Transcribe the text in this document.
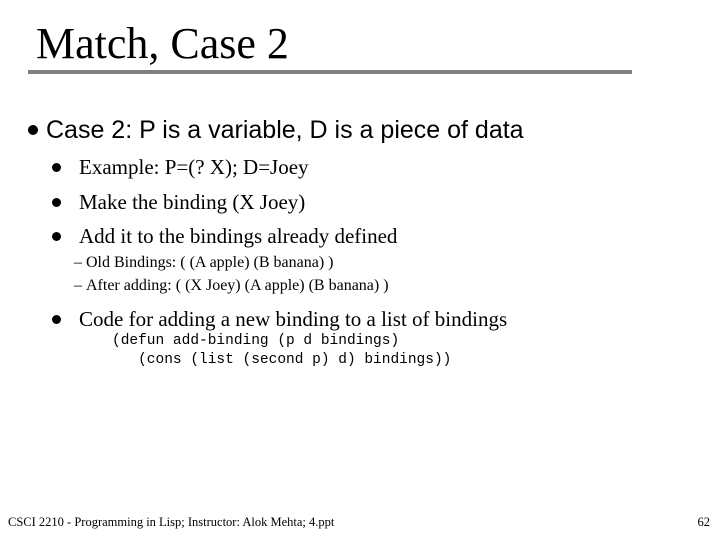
Match, Case 2
Case 2: P is a variable, D is a piece of data
Example: P=(? X); D=Joey
Make the binding (X Joey)
Add it to the bindings already defined
– Old Bindings: ( (A apple) (B banana) )
– After adding: ( (X Joey) (A apple) (B banana) )
Code for adding a new binding to a list of bindings
(defun add-binding (p d bindings)
(cons (list (second p) d) bindings))
CSCI 2210 - Programming in Lisp; Instructor: Alok Mehta; 4.ppt	62
